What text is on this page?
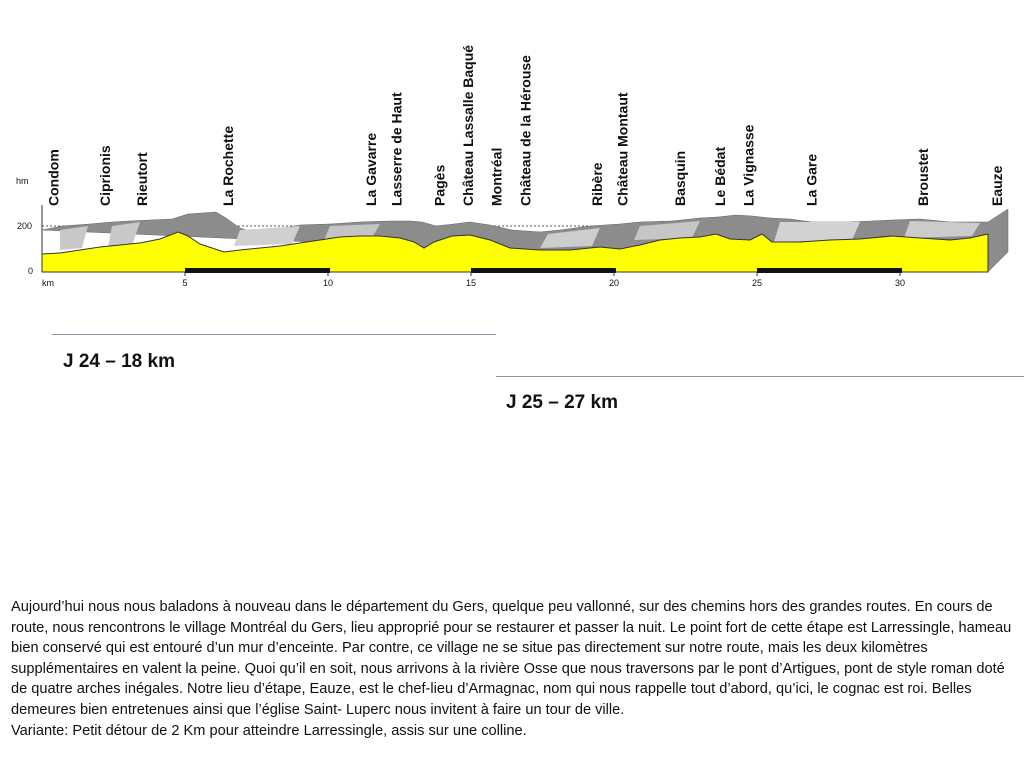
hm
200
0
km	5	10	15	20	25	30
Condom	Ciprionis Rieutort	La Rochette	La Gavarre Lasserre de Haut Pagès Château Lassalle Baqué Montréal Château de la Hérouse	Ribère Château Montaut	Basquin Le Bédat La Vignasse	La Gare	Broustet	Eauze
J 24 – 18 km
J 25 – 27 km

Aujourd’hui nous nous baladons à nouveau dans le département du Gers, quelque peu vallonné, sur des chemins hors des grandes routes. En cours de route, nous rencontrons le village Montréal du Gers, lieu approprié pour se restaurer et passer la nuit. Le point fort de cette étape est Larressingle, hameau bien conservé qui est entouré d’un mur d’enceinte. Par contre, ce village ne se situe pas directement sur notre route, mais les deux kilomètres supplémentaires en valent la peine. Quoi qu’il en soit, nous arrivons à la rivière Osse que nous traversons par le pont d’Artigues, pont de style roman doté de quatre arches inégales. Notre lieu d’étape, Eauze, est le chef-lieu d’Armagnac, nom qui nous rappelle tout d’abord, qu’ici, le cognac est roi. Belles demeures bien entretenues ainsi que l’église Saint- Luperc nous invitent à faire un tour de ville.

Variante: Petit détour de 2 Km pour atteindre Larressingle, assis sur une colline.
